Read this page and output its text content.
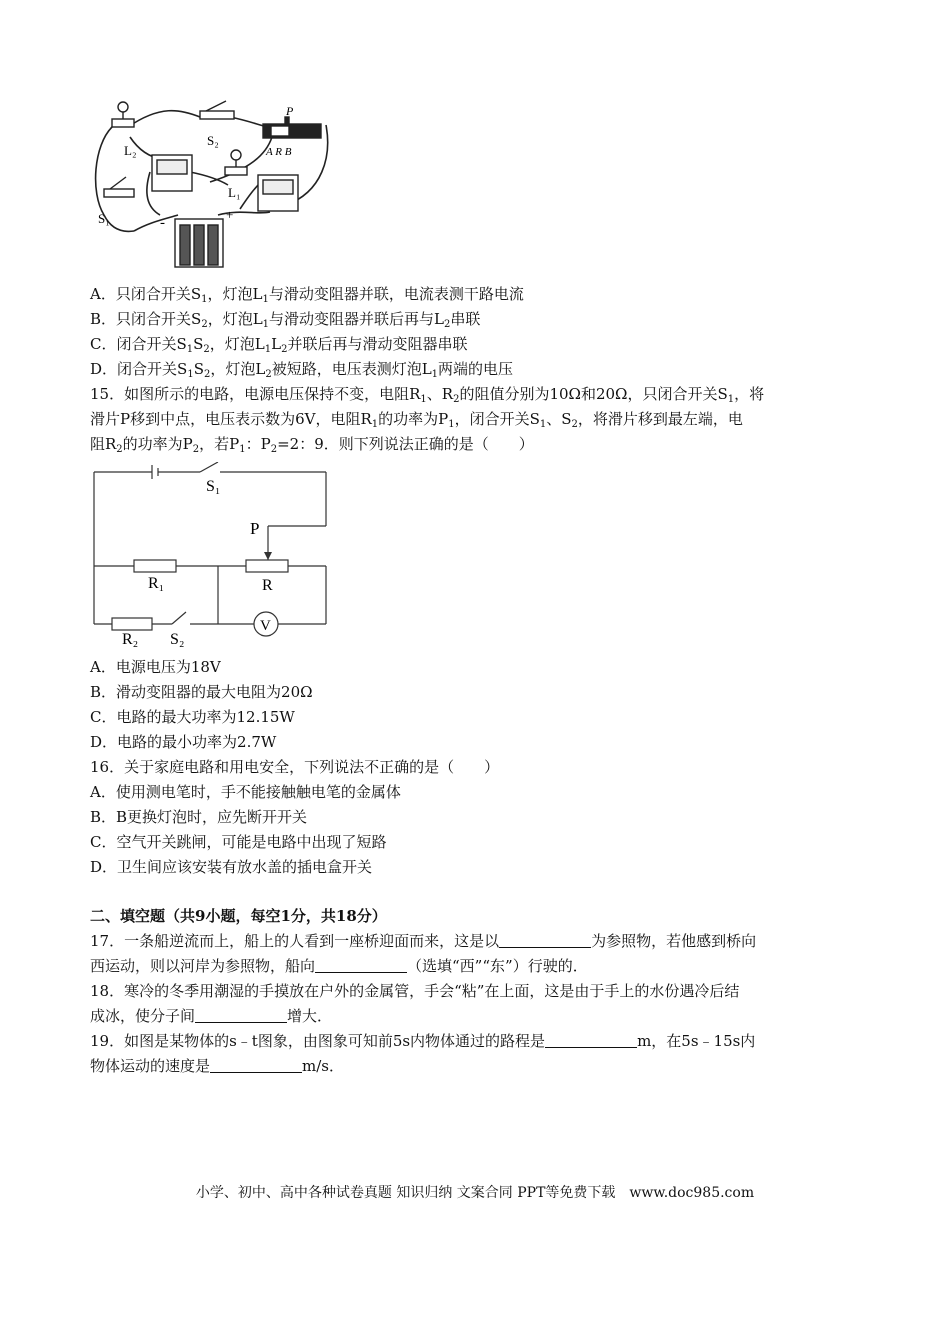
S₂
L₂
L₁
S₁
P
A R B
+
-
A．只闭合开关$S_1$，灯泡$L_1$与滑动变阻器并联，电流表测干路电流
B．只闭合开关$S_2$，灯泡$L_1$与滑动变阻器并联后再与$L_2$串联
C．闭合开关$S_1S_2$，灯泡$L_1L_2$并联后再与滑动变阻器串联
D．闭合开关$S_1S_2$，灯泡$L_2$被短路，电压表测灯泡$L_1$两端的电压
15．如图所示的电路，电源电压保持不变，电阻$R_1$、$R_2$的阻值分别为10Ω和20Ω，只闭合开关$S_1$，将
滑片P移到中点，电压表示数为6V，电阻$R_1$的功率为$P_1$，闭合开关$S_1$、$S_2$，将滑片移到最左端，电
阻$R_2$的功率为$P_2$，若$P_1$：$P_2=2$：9．则下列说法正确的是（　　）
S₁
P
R₁	R
R₂ S₂
V
A．电源电压为18V
B．滑动变阻器的最大电阻为20Ω
C．电路的最大功率为12.15W
D．电路的最小功率为2.7W
16．关于家庭电路和用电安全，下列说法不正确的是（　　）
A．使用测电笔时，手不能接触触电笔的金属体
B．B更换灯泡时，应先断开开关
C．空气开关跳闸，可能是电路中出现了短路
D．卫生间应该安装有放水盖的插电盒开关
二、填空题（共9小题，每空1分，共18分）
17．一条船逆流而上，船上的人看到一座桥迎面而来，这是以	为参照物，若他感到桥向
西运动，则以河岸为参照物，船向	（选填“西”“东”）行驶的．
18．寒冷的冬季用潮湿的手摸放在户外的金属管，手会“粘”在上面，这是由于手上的水份遇冷后结
成冰，使分子间	增大．
19．如图是某物体的s﹣t图象，由图象可知前5s内物体通过的路程是	m，在5s﹣15s内
物体运动的速度是	m/s．
小学、初中、高中各种试卷真题 知识归纳 文案合同 PPT等免费下载　www.doc985.com
